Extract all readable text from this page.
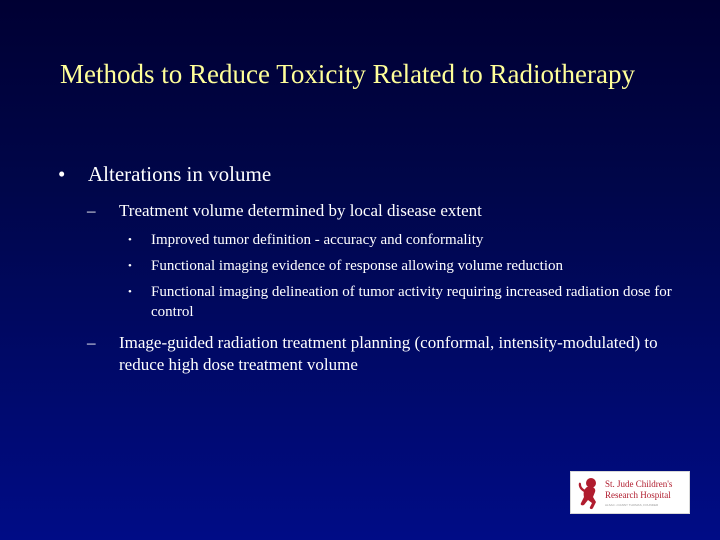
Methods to Reduce Toxicity Related to Radiotherapy
•	Alterations in volume
–	Treatment volume determined by local disease extent
•	Improved tumor definition - accuracy and conformality
•	Functional imaging evidence of response allowing volume reduction
•	Functional imaging delineation of tumor activity requiring increased radiation dose for control
–	Image-guided radiation treatment planning (conformal, intensity-modulated) to reduce high dose treatment volume
St. Jude Children's
Research Hospital
ALSAC • DANNY THOMAS, FOUNDER
